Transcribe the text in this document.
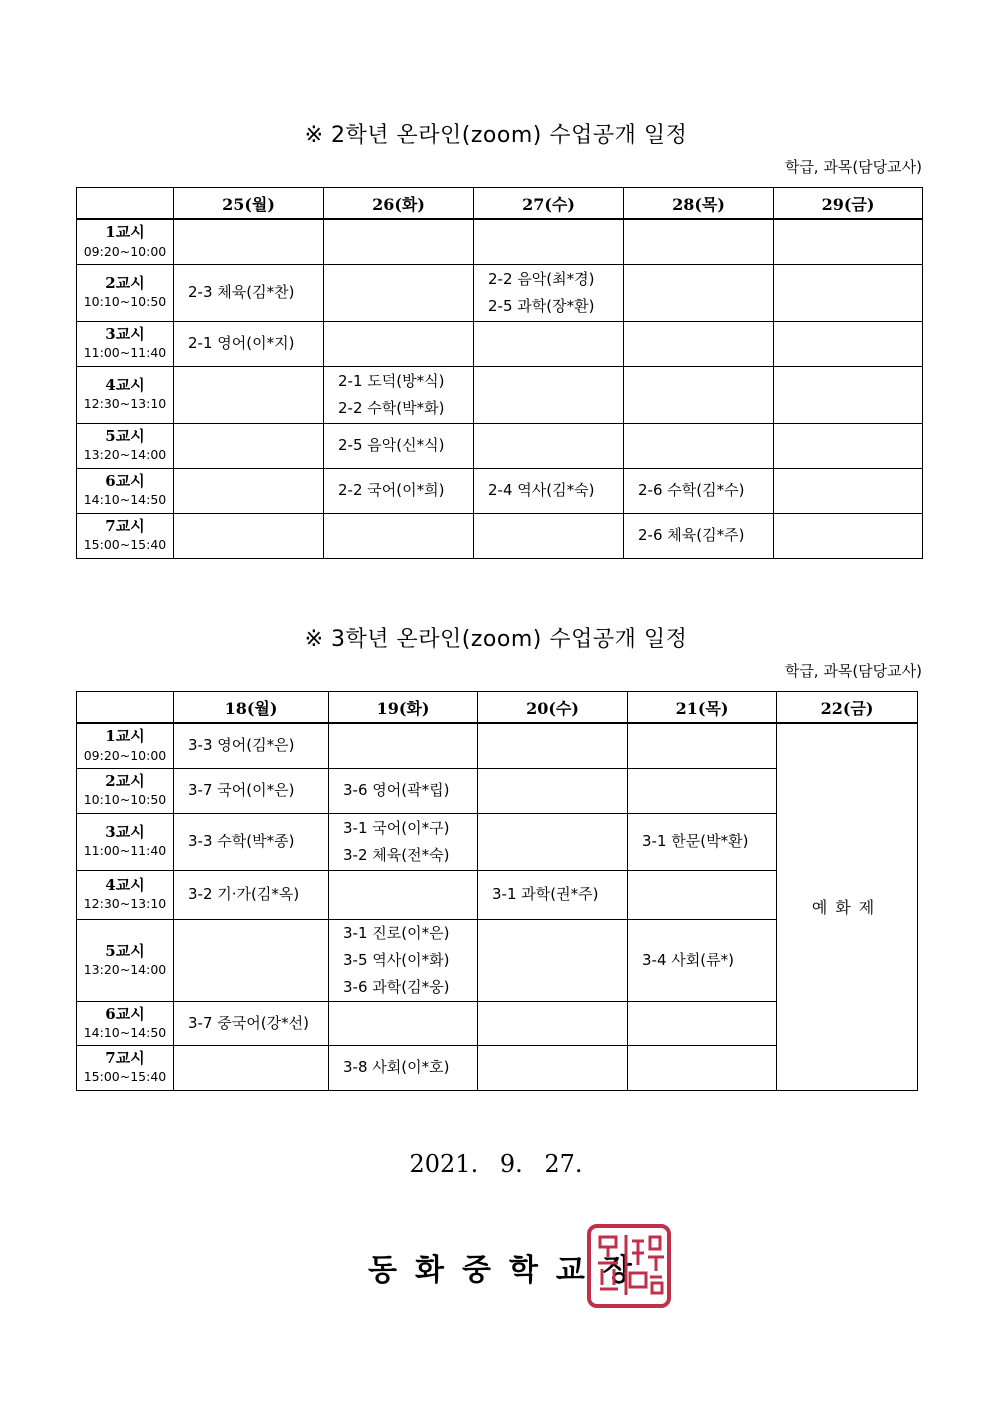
※ 2학년 온라인(zoom) 수업공개 일정
학급, 과목(담당교사)
	25(월)	26(화)	27(수)	28(목)	29(금)

1교시
09:20~10:00					

2교시
10:10~10:50	2-3 체육(김*찬)		2-2 음악(최*경)
2-5 과학(장*환)		

3교시
11:00~11:40	2-1 영어(이*지)				

4교시
12:30~13:10		2-1 도덕(방*식)
2-2 수학(박*화)			

5교시
13:20~14:00		2-5 음악(신*식)			

6교시
14:10~14:50		2-2 국어(이*희)	2-4 역사(김*숙)	2-6 수학(김*수)	

7교시
15:00~15:40				2-6 체육(김*주)	

※ 3학년 온라인(zoom) 수업공개 일정
학급, 과목(담당교사)
	18(월)	19(화)	20(수)	21(목)	22(금)

1교시
09:20~10:00	3-3 영어(김*은)				예화제

2교시
10:10~10:50	3-7 국어(이*은)	3-6 영어(곽*립)			

3교시
11:00~11:40	3-3 수학(박*종)	3-1 국어(이*구)
3-2 체육(전*숙)		3-1 한문(박*환)	

4교시
12:30~13:10	3-2 기·가(김*옥)		3-1 과학(권*주)		

5교시
13:20~14:00		3-1 진로(이*은)
3-5 역사(이*화)
3-6 과학(김*웅)		3-4 사회(류*)	

6교시
14:10~14:50	3-7 중국어(강*선)				

7교시
15:00~15:40		3-8 사회(이*호)			

2021. 9. 27.
동화중학교장
